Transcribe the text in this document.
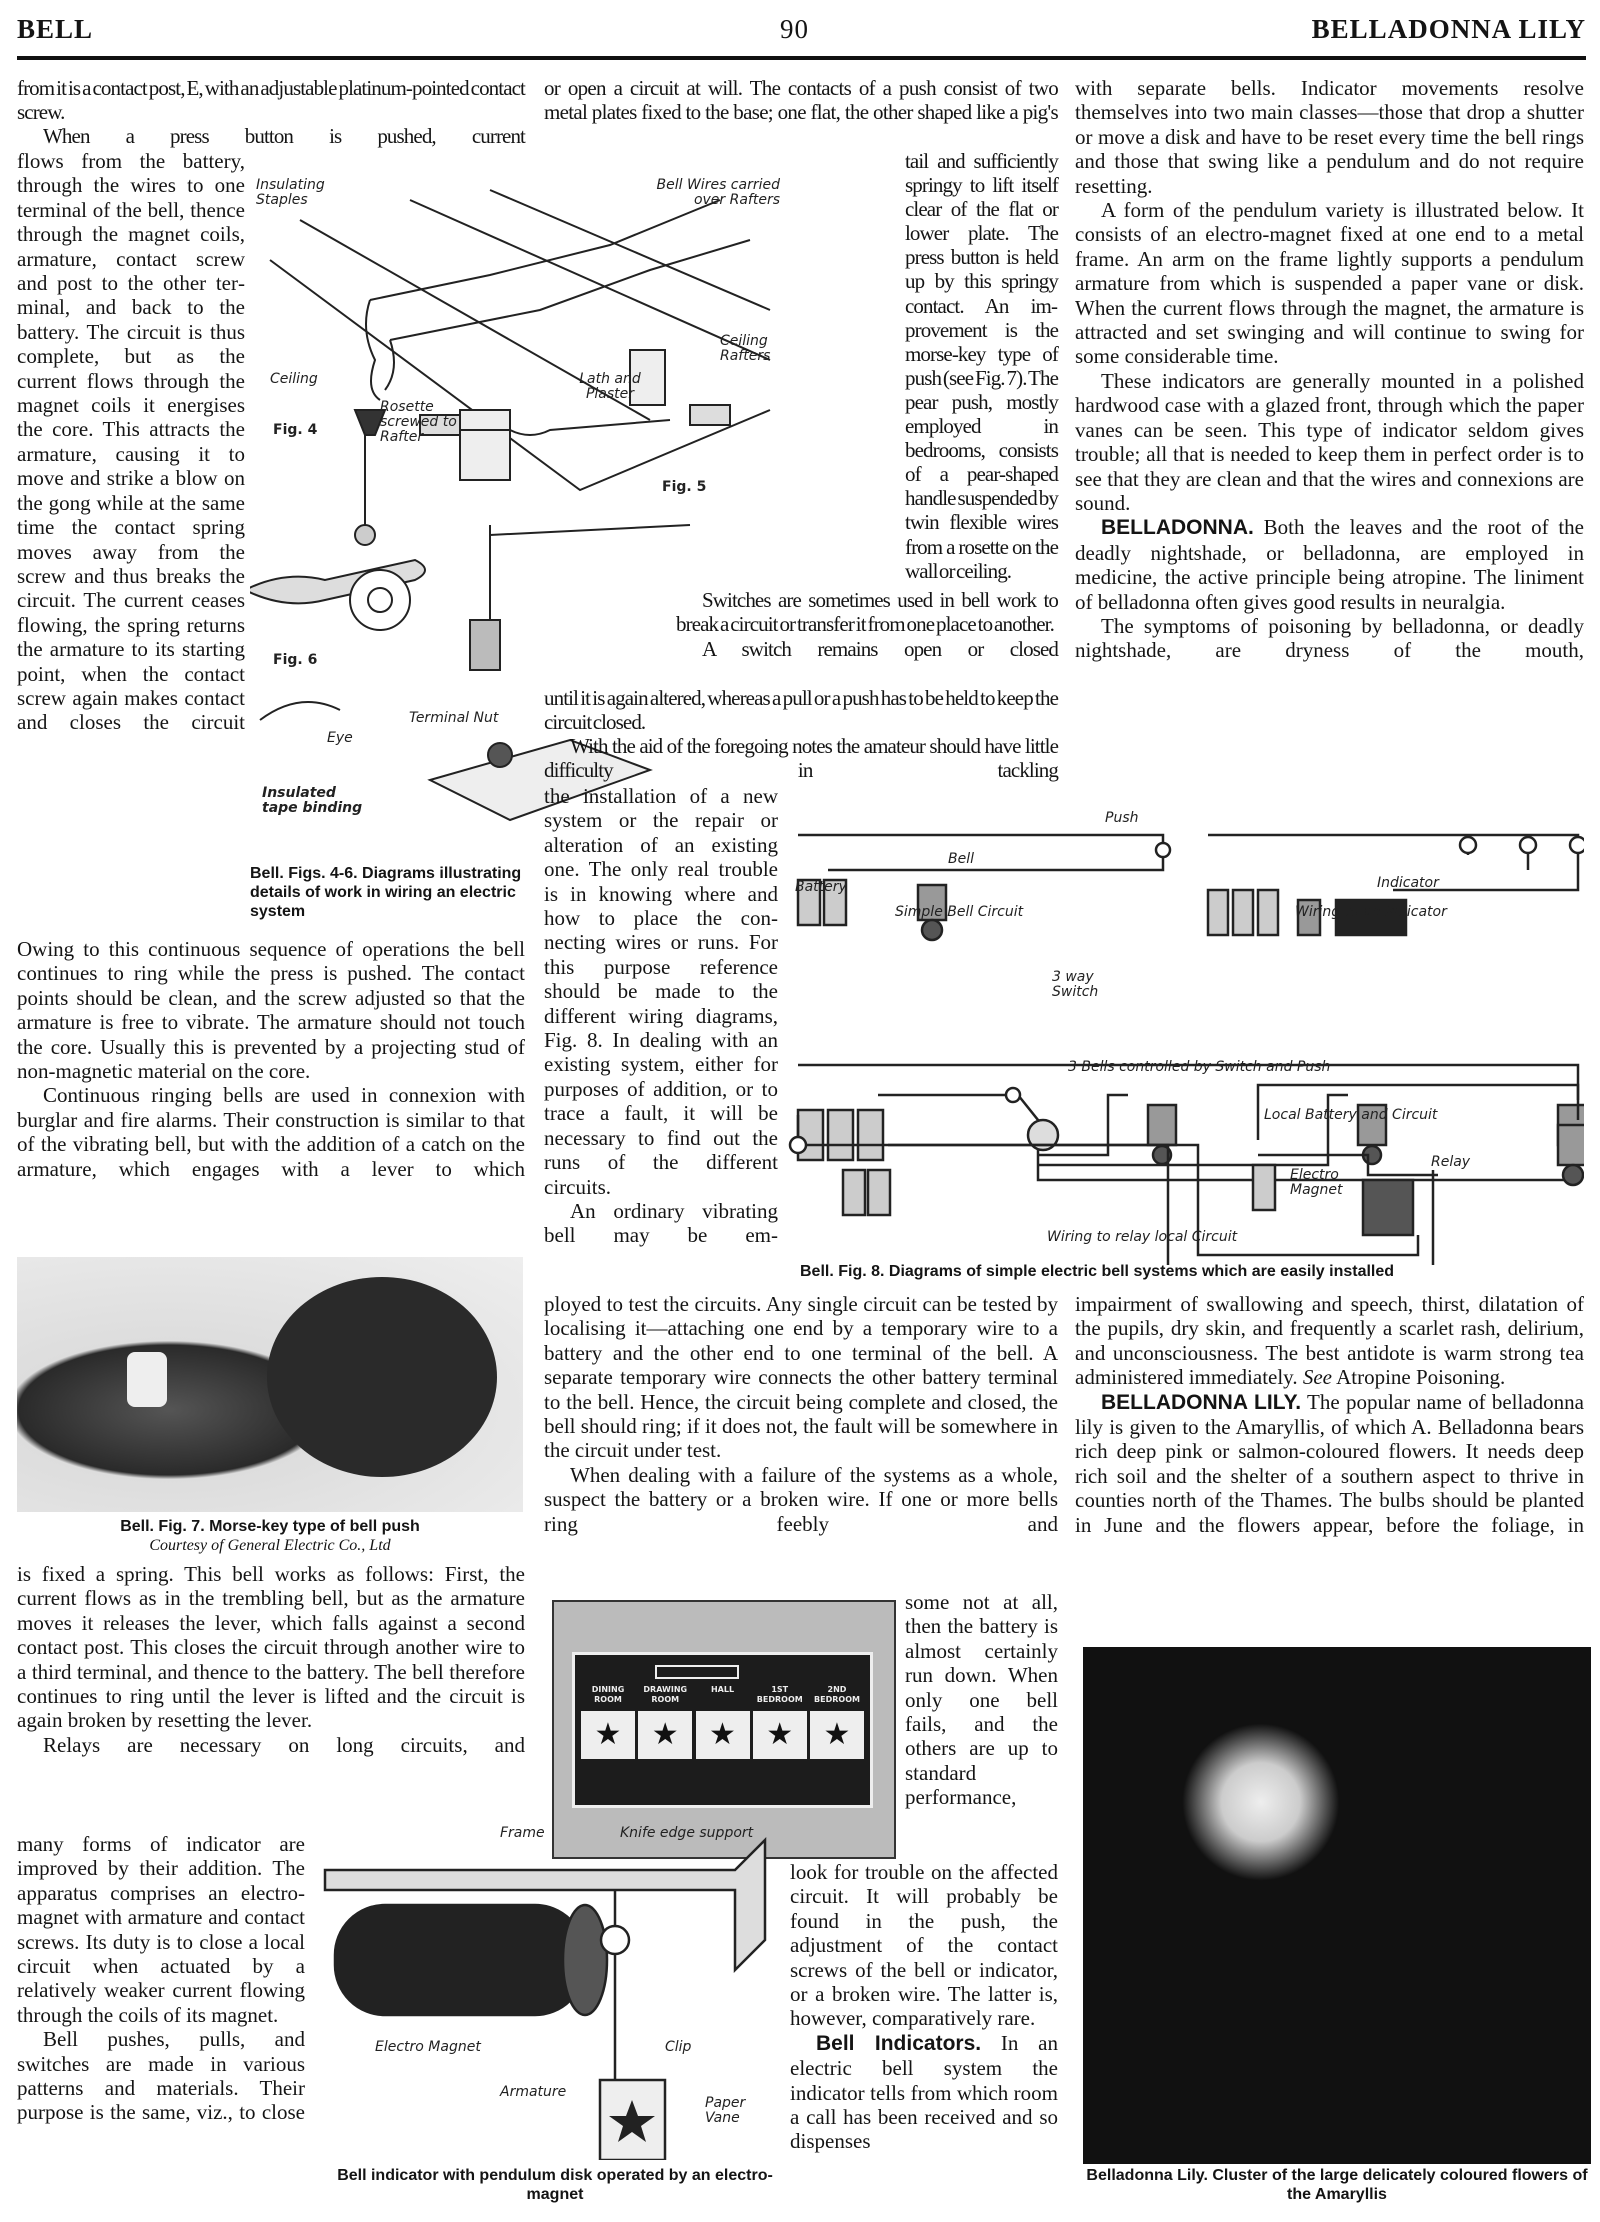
BELL	90	BELLADONNA LILY

from it is a contact post, E, with an adjustable platinum-pointed contact screw.

When a press button is pushed, current

flows from the battery, through the wires to one terminal of the bell, thence through the magnet coils, armature, contact screw and post to the other terminal, and back to the battery. The circuit is thus complete, but as the current flows through the magnet coils it energises the core. This attracts the armature, causing it to move and strike a blow on the gong while at the same time the contact spring moves away from the screw and thus breaks the circuit. The current ceases flowing, the spring returns the armature to its starting point, when the contact screw again makes contact and closes the circuit

Owing to this continuous sequence of operations the bell continues to ring while the press is pushed. The contact points should be clean, and the screw adjusted so that the armature is free to vibrate. The armature should not touch the core. Usually this is prevented by a projecting stud of non-magnetic material on the core.

Continuous ringing bells are used in connexion with burglar and fire alarms. Their construction is similar to that of the vibrating bell, but with the addition of a catch on the armature, which engages with a lever to which

is fixed a spring. This bell works as follows: First, the current flows as in the trembling bell, but as the armature moves it releases the lever, which falls against a second contact post. This closes the circuit through another wire to a third terminal, and thence to the battery. The bell therefore continues to ring until the lever is lifted and the circuit is again broken by resetting the lever.

Relays are necessary on long circuits, and

many forms of indicator are improved by their addition. The apparatus comprises an electro-magnet with armature and contact screws. Its duty is to close a local circuit when actuated by a relatively weaker current flowing through the coils of its magnet.

Bell pushes, pulls, and switches are made in various patterns and materials. Their purpose is the same, viz., to close

Insulating Staples
Bell Wires carried over Rafters
Ceiling Rafters
Ceiling	Lath and Plaster
Rosette screwed to Rafter
Fig. 4
Fig. 5
Fig. 6
Eye
Terminal Nut
Insulated tape binding
Bell. Figs. 4-6. Diagrams illustrating details of work in wiring an electric system
Bell. Fig. 7. Morse-key type of bell push
Courtesy of General Electric Co., Ltd

or open a circuit at will. The contacts of a push consist of two metal plates fixed to the base; one flat, the other shaped like a pig's

tail and sufficiently springy to lift itself clear of the flat or lower plate. The press button is held up by this springy contact. An improvement is the morse-key type of push (see Fig. 7). The pear push, mostly employed in bedrooms, consists of a pear-shaped handle suspended by twin flexible wires from a rosette on the wall or ceiling.

Switches are sometimes used in bell work to break a circuit or transfer it from one place to another.

A switch remains open or closed

until it is again altered, whereas a pull or a push has to be held to keep the circuit closed.

With the aid of the foregoing notes the amateur should have little difficulty in tackling

the installation of a new system or the repair or alteration of an existing one. The only real trouble is in knowing where and how to place the connecting wires or runs. For this purpose reference should be made to the different wiring diagrams, Fig. 8. In dealing with an existing system, either for purposes of addition, or to trace a fault, it will be necessary to find out the runs of the different circuits.

An ordinary vibrating bell may be em-

ployed to test the circuits. Any single circuit can be tested by localising it—attaching one end by a temporary wire to a battery and the other end to one terminal of the bell. A separate temporary wire connects the other battery terminal to the bell. Hence, the circuit being complete and closed, the bell should ring; if it does not, the fault will be somewhere in the circuit under test.

When dealing with a failure of the systems as a whole, suspect the battery or a broken wire. If one or more bells ring feebly and

some not at all, then the battery is almost certainly run down. When only one bell fails, and the others are up to standard performance,

look for trouble on the affected circuit. It will probably be found in the push, the adjustment of the contact screws of the bell or indicator, or a broken wire. The latter is, however, comparatively rare.

Bell Indicators. In an electric bell system the indicator tells from which room a call has been received and so dispenses

Push
Bell
Battery
Simple Bell Circuit
Indicator
Wiring to an Indicator
3 way Switch
3 Bells controlled by Switch and Push
Local Battery and Circuit
Relay
Electro Magnet
Wiring to relay local Circuit
Bell. Fig. 8. Diagrams of simple electric bell systems which are easily installed
DINING ROOM
★
DRAWING ROOM
★
HALL
★
1ST BEDROOM
★
2ND BEDROOM
★
Frame	Knife edge support
Electro Magnet	Clip
Armature
Paper Vane
Bell indicator with pendulum disk operated by an electro-magnet

with separate bells. Indicator movements resolve themselves into two main classes—those that drop a shutter or move a disk and have to be reset every time the bell rings and those that swing like a pendulum and do not require resetting.

A form of the pendulum variety is illustrated below. It consists of an electro-magnet fixed at one end to a metal frame. An arm on the frame lightly supports a pendulum armature from which is suspended a paper vane or disk. When the current flows through the magnet, the armature is attracted and set swinging and will continue to swing for some considerable time.

These indicators are generally mounted in a polished hardwood case with a glazed front, through which the paper vanes can be seen. This type of indicator seldom gives trouble; all that is needed to keep them in perfect order is to see that they are clean and that the wires and connexions are sound.

BELLADONNA. Both the leaves and the root of the deadly nightshade, or belladonna, are employed in medicine, the active principle being atropine. The liniment of belladonna often gives good results in neuralgia.

The symptoms of poisoning by belladonna, or deadly nightshade, are dryness of the mouth,

impairment of swallowing and speech, thirst, dilatation of the pupils, dry skin, and frequently a scarlet rash, delirium, and unconsciousness. The best antidote is warm strong tea administered immediately. See Atropine Poisoning.

BELLADONNA LILY. The popular name of belladonna lily is given to the Amaryllis, of which A. Belladonna bears rich deep pink or salmon-coloured flowers. It needs deep rich soil and the shelter of a southern aspect to thrive in counties north of the Thames. The bulbs should be planted in June and the flowers appear, before the foliage, in

Belladonna Lily. Cluster of the large delicately coloured flowers of the Amaryllis
